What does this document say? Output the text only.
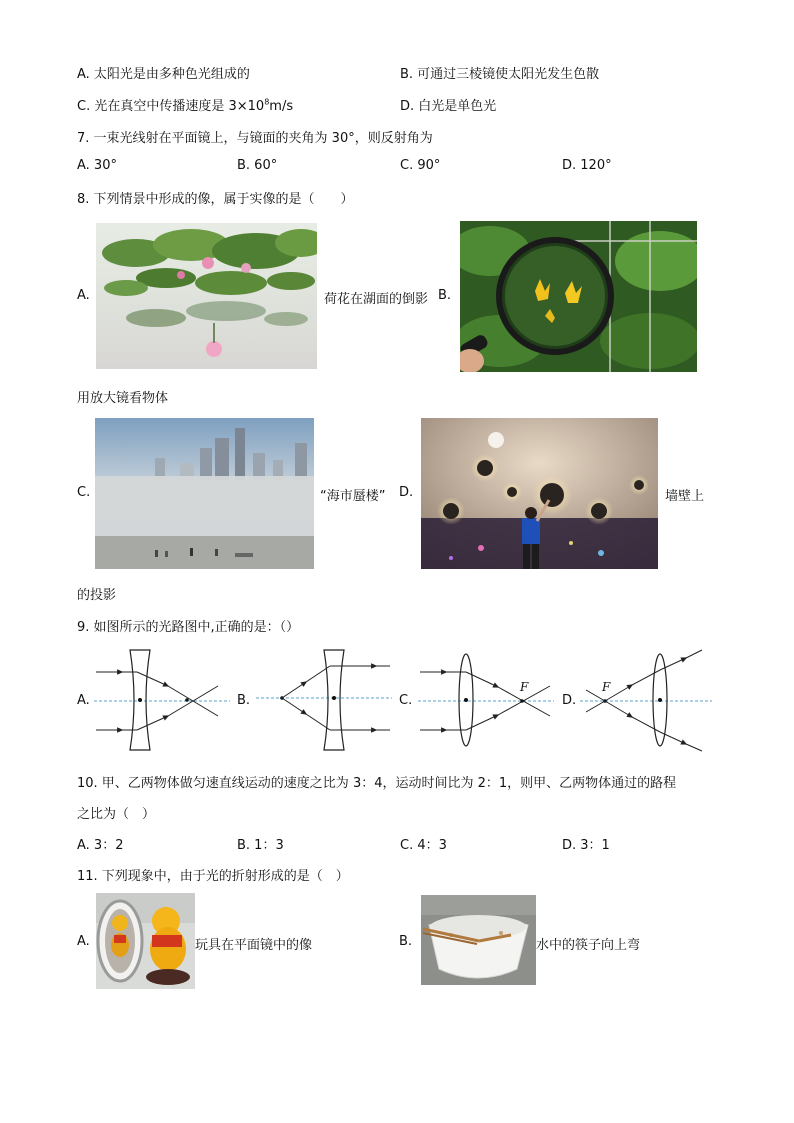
A. 太阳光是由多种色光组成的	B. 可通过三棱镜使太阳光发生色散
C. 光在真空中传播速度是 $3\times 10^8m/s$	D. 白光是单色光
7. 一束光线射在平面镜上，与镜面的夹角为 30°，则反射角为
A. 30°	B. 60°	C. 90°	D. 120°
8. 下列情景中形成的像，属于实像的是（　　）
A.	荷花在湖面的倒影 B.
用放大镜看物体
C.	“海市蜃楼” D.	墙壁上
的投影
9. 如图所示的光路图中,正确的是：（）
A.	B.	C.
F
D.
F
10. 甲、乙两物体做匀速直线运动的速度之比为 3：4，运动时间比为 2：1，则甲、乙两物体通过的路程
之比为（　）
A. 3：2	B. 1：3	C. 4：3	D. 3：1
11. 下列现象中，由于光的折射形成的是（　）
A.	玩具在平面镜中的像	B.	水中的筷子向上弯
